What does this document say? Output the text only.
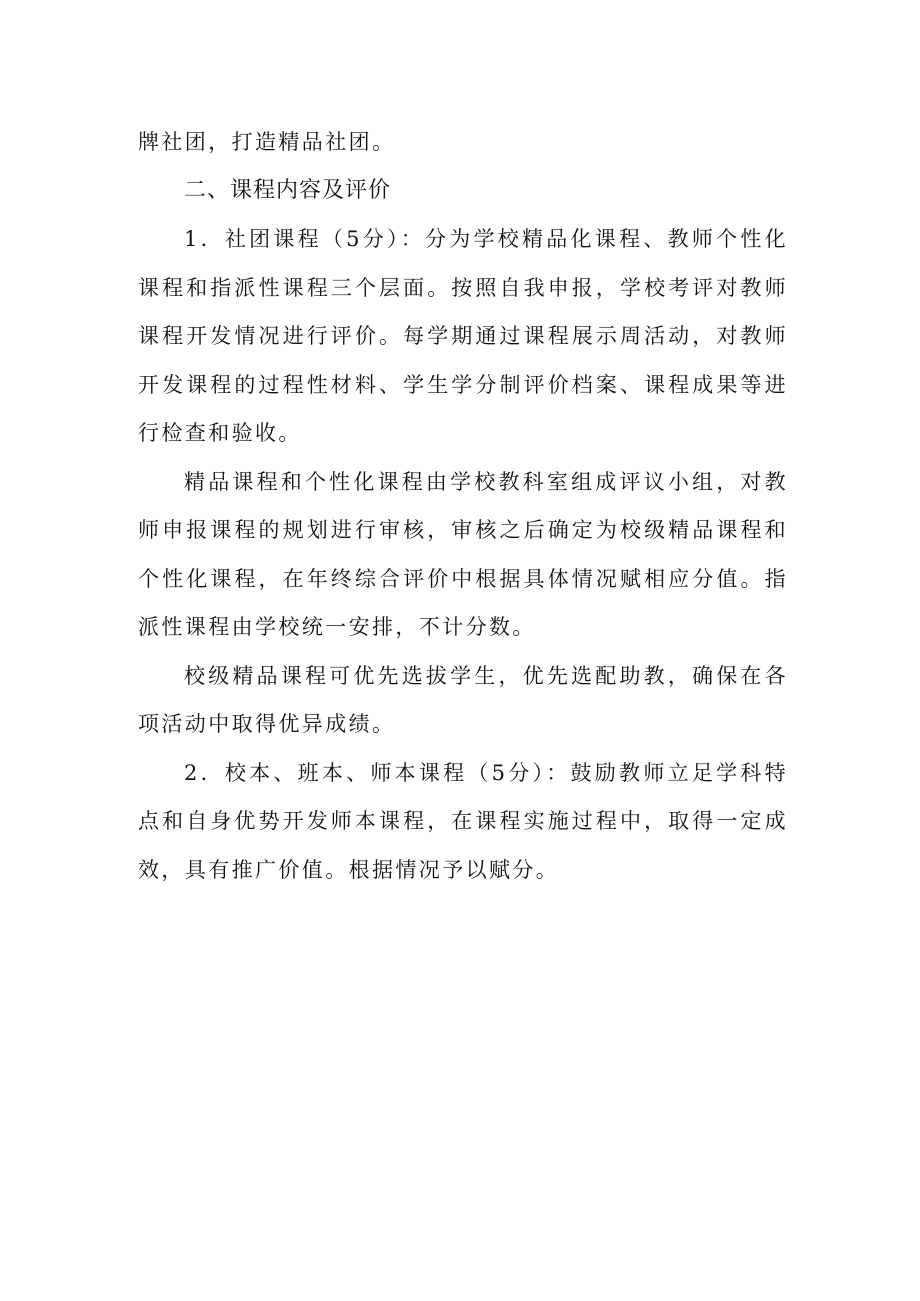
牌社团，打造精品社团。

二、课程内容及评价

1．社团课程（5分）：分为学校精品化课程、教师个性化课程和指派性课程三个层面。按照自我申报，学校考评对教师课程开发情况进行评价。每学期通过课程展示周活动，对教师开发课程的过程性材料、学生学分制评价档案、课程成果等进行检查和验收。

精品课程和个性化课程由学校教科室组成评议小组，对教师申报课程的规划进行审核，审核之后确定为校级精品课程和个性化课程，在年终综合评价中根据具体情况赋相应分值。指派性课程由学校统一安排，不计分数。

校级精品课程可优先选拔学生，优先选配助教，确保在各项活动中取得优异成绩。

2．校本、班本、师本课程（5分）：鼓励教师立足学科特点和自身优势开发师本课程，在课程实施过程中，取得一定成效，具有推广价值。根据情况予以赋分。
